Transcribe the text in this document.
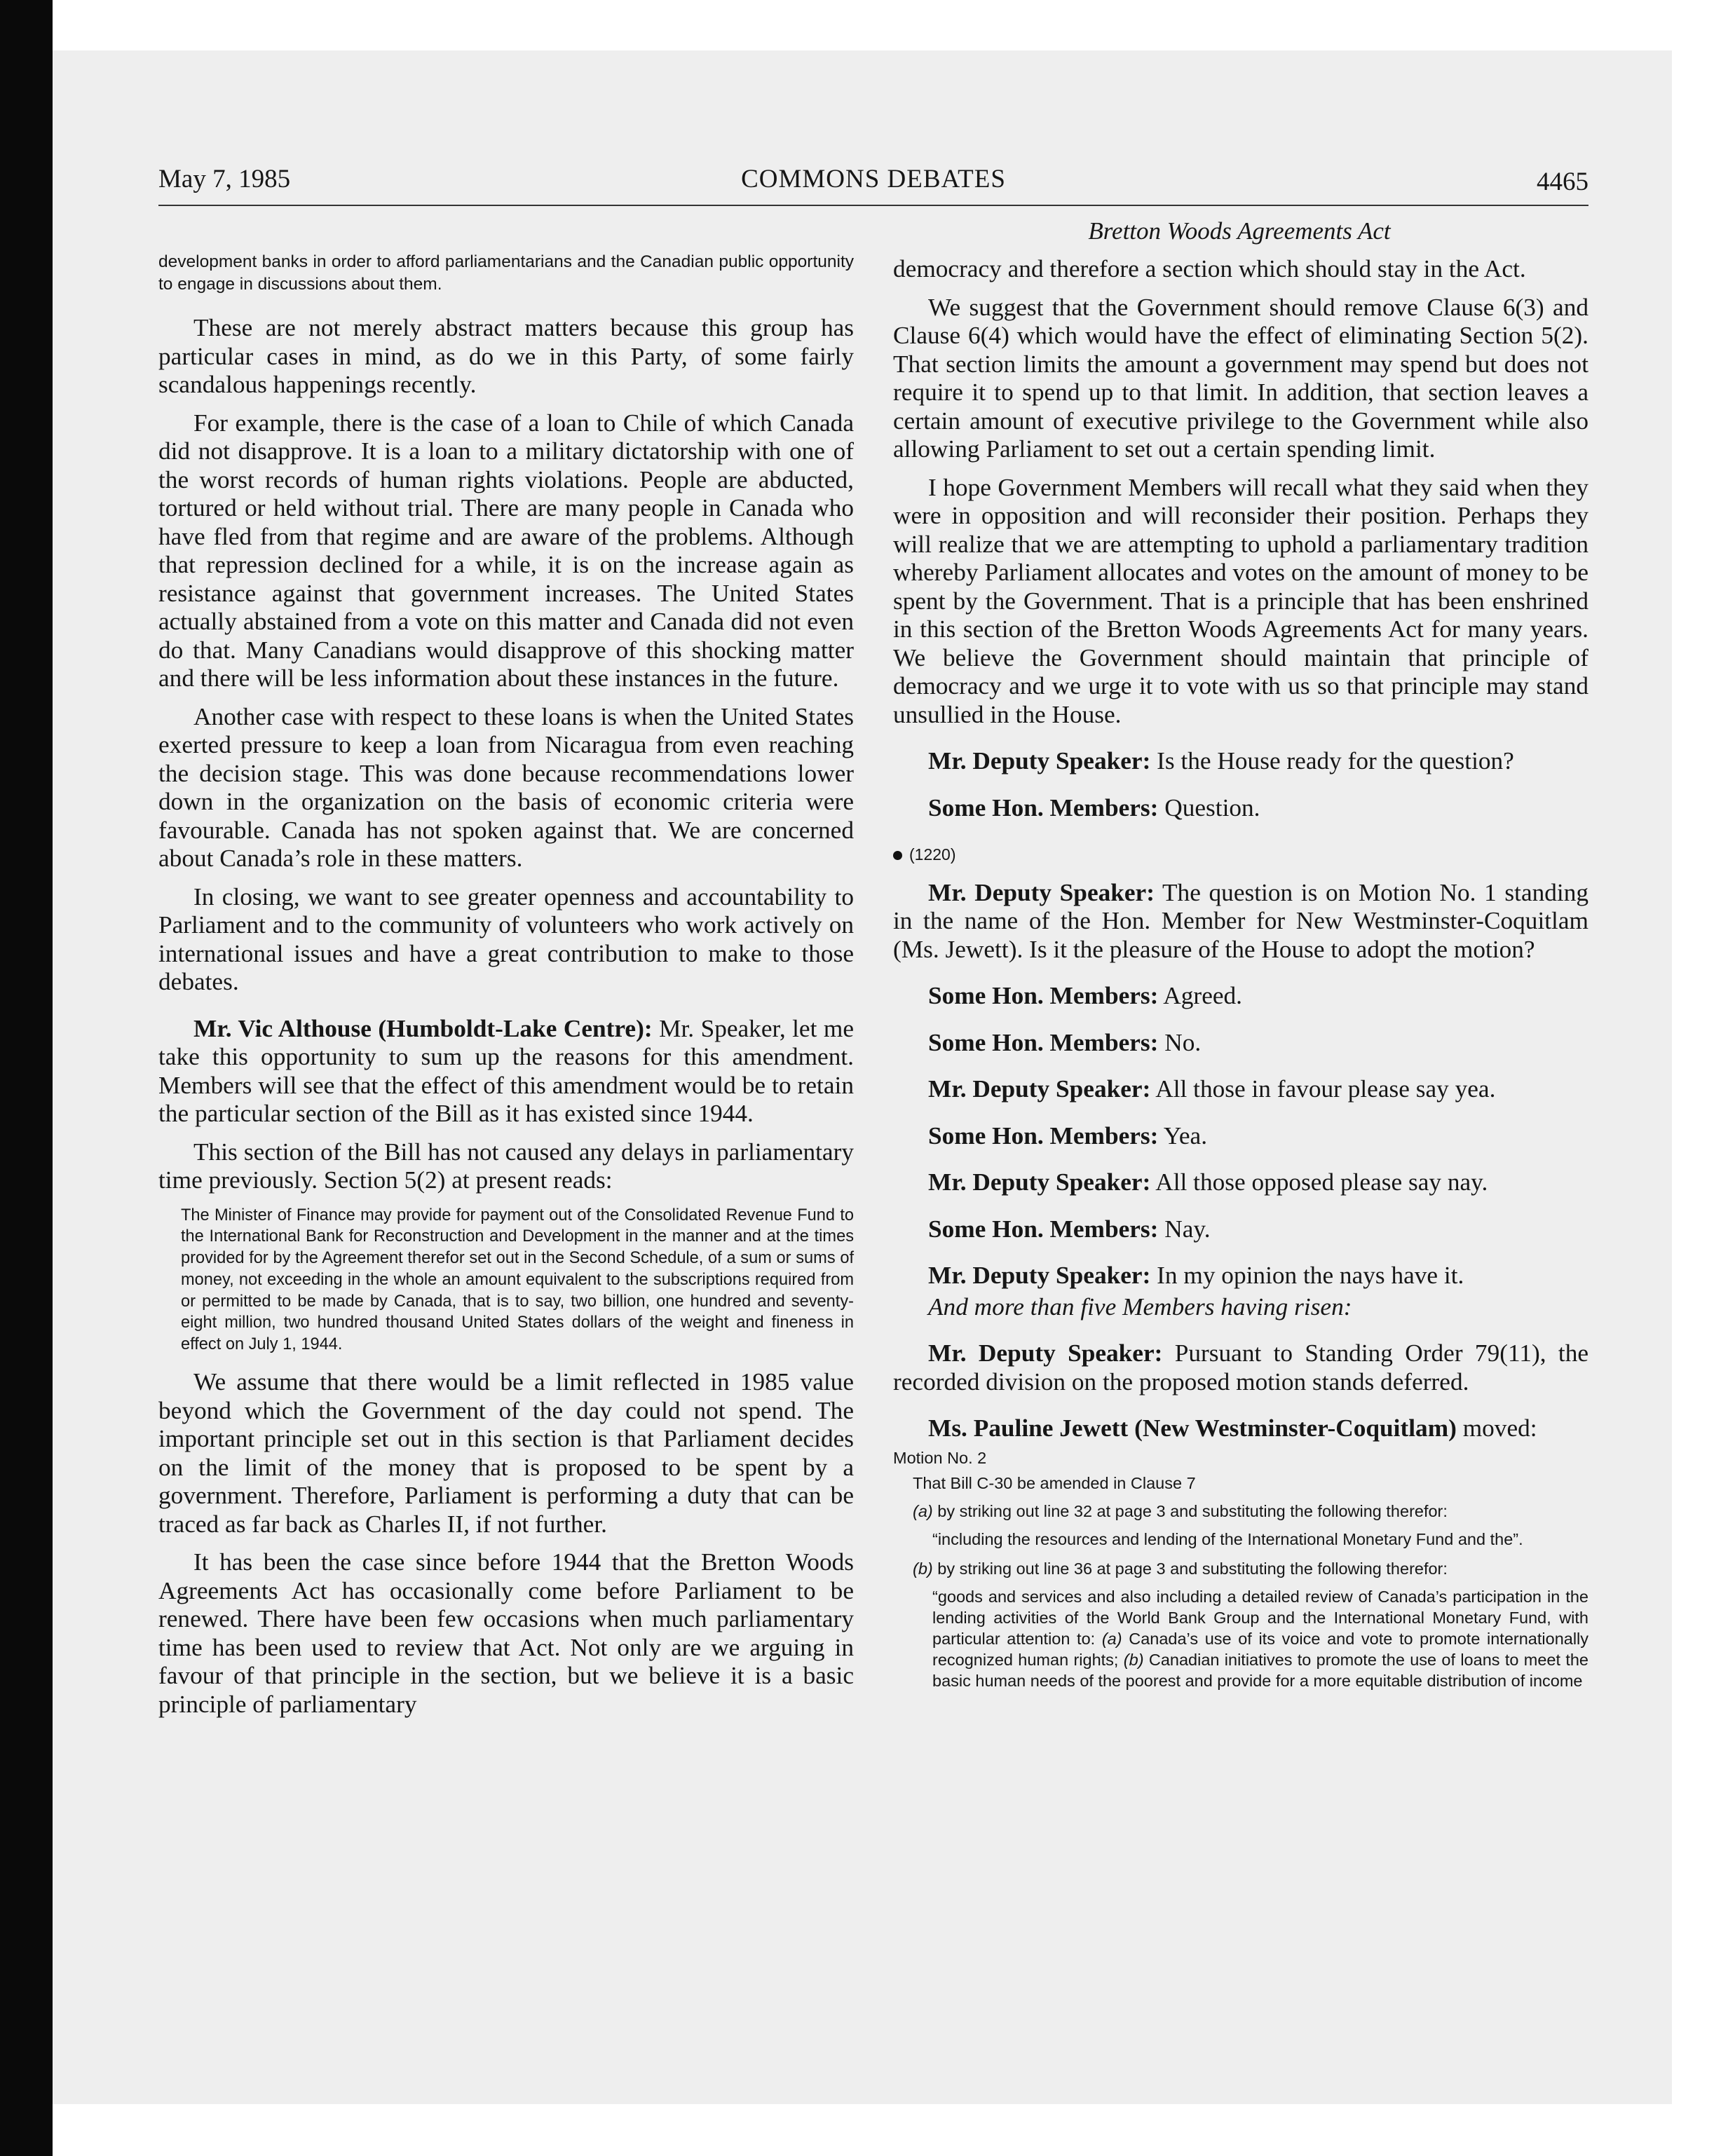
May 7, 1985	COMMONS DEBATES	4465
Bretton Woods Agreements Act

development banks in order to afford parliamentarians and the Canadian public opportunity to engage in discussions about them.

These are not merely abstract matters because this group has particular cases in mind, as do we in this Party, of some fairly scandalous happenings recently.

For example, there is the case of a loan to Chile of which Canada did not disapprove. It is a loan to a military dictatorship with one of the worst records of human rights violations. People are abducted, tortured or held without trial. There are many people in Canada who have fled from that regime and are aware of the problems. Although that repression declined for a while, it is on the increase again as resistance against that government increases. The United States actually abstained from a vote on this matter and Canada did not even do that. Many Canadians would disapprove of this shocking matter and there will be less information about these instances in the future.

Another case with respect to these loans is when the United States exerted pressure to keep a loan from Nicaragua from even reaching the decision stage. This was done because recommendations lower down in the organization on the basis of economic criteria were favourable. Canada has not spoken against that. We are concerned about Canada’s role in these matters.

In closing, we want to see greater openness and accountability to Parliament and to the community of volunteers who work actively on international issues and have a great contribution to make to those debates.

Mr. Vic Althouse (Humboldt-Lake Centre): Mr. Speaker, let me take this opportunity to sum up the reasons for this amendment. Members will see that the effect of this amendment would be to retain the particular section of the Bill as it has existed since 1944.

This section of the Bill has not caused any delays in parliamentary time previously. Section 5(2) at present reads:

The Minister of Finance may provide for payment out of the Consolidated Revenue Fund to the International Bank for Reconstruction and Development in the manner and at the times provided for by the Agreement therefor set out in the Second Schedule, of a sum or sums of money, not exceeding in the whole an amount equivalent to the subscriptions required from or permitted to be made by Canada, that is to say, two billion, one hundred and seventy-eight million, two hundred thousand United States dollars of the weight and fineness in effect on July 1, 1944.

We assume that there would be a limit reflected in 1985 value beyond which the Government of the day could not spend. The important principle set out in this section is that Parliament decides on the limit of the money that is proposed to be spent by a government. Therefore, Parliament is performing a duty that can be traced as far back as Charles II, if not further.

It has been the case since before 1944 that the Bretton Woods Agreements Act has occasionally come before Parliament to be renewed. There have been few occasions when much parliamentary time has been used to review that Act. Not only are we arguing in favour of that principle in the section, but we believe it is a basic principle of parliamentary

democracy and therefore a section which should stay in the Act.

We suggest that the Government should remove Clause 6(3) and Clause 6(4) which would have the effect of eliminating Section 5(2). That section limits the amount a government may spend but does not require it to spend up to that limit. In addition, that section leaves a certain amount of executive privilege to the Government while also allowing Parliament to set out a certain spending limit.

I hope Government Members will recall what they said when they were in opposition and will reconsider their position. Perhaps they will realize that we are attempting to uphold a parliamentary tradition whereby Parliament allocates and votes on the amount of money to be spent by the Government. That is a principle that has been enshrined in this section of the Bretton Woods Agreements Act for many years. We believe the Government should maintain that principle of democracy and we urge it to vote with us so that principle may stand unsullied in the House.

Mr. Deputy Speaker: Is the House ready for the question?

Some Hon. Members: Question.

(1220)

Mr. Deputy Speaker: The question is on Motion No. 1 standing in the name of the Hon. Member for New Westminster-Coquitlam (Ms. Jewett). Is it the pleasure of the House to adopt the motion?

Some Hon. Members: Agreed.

Some Hon. Members: No.

Mr. Deputy Speaker: All those in favour please say yea.

Some Hon. Members: Yea.

Mr. Deputy Speaker: All those opposed please say nay.

Some Hon. Members: Nay.

Mr. Deputy Speaker: In my opinion the nays have it.

And more than five Members having risen:

Mr. Deputy Speaker: Pursuant to Standing Order 79(11), the recorded division on the proposed motion stands deferred.

Ms. Pauline Jewett (New Westminster-Coquitlam) moved:

Motion No. 2
That Bill C-30 be amended in Clause 7
(a) by striking out line 32 at page 3 and substituting the following therefor:
“including the resources and lending of the International Monetary Fund and the”.
(b) by striking out line 36 at page 3 and substituting the following therefor:
“goods and services and also including a detailed review of Canada’s participation in the lending activities of the World Bank Group and the International Monetary Fund, with particular attention to: (a) Canada’s use of its voice and vote to promote internationally recognized human rights; (b) Canadian initiatives to promote the use of loans to meet the basic human needs of the poorest and provide for a more equitable distribution of income
